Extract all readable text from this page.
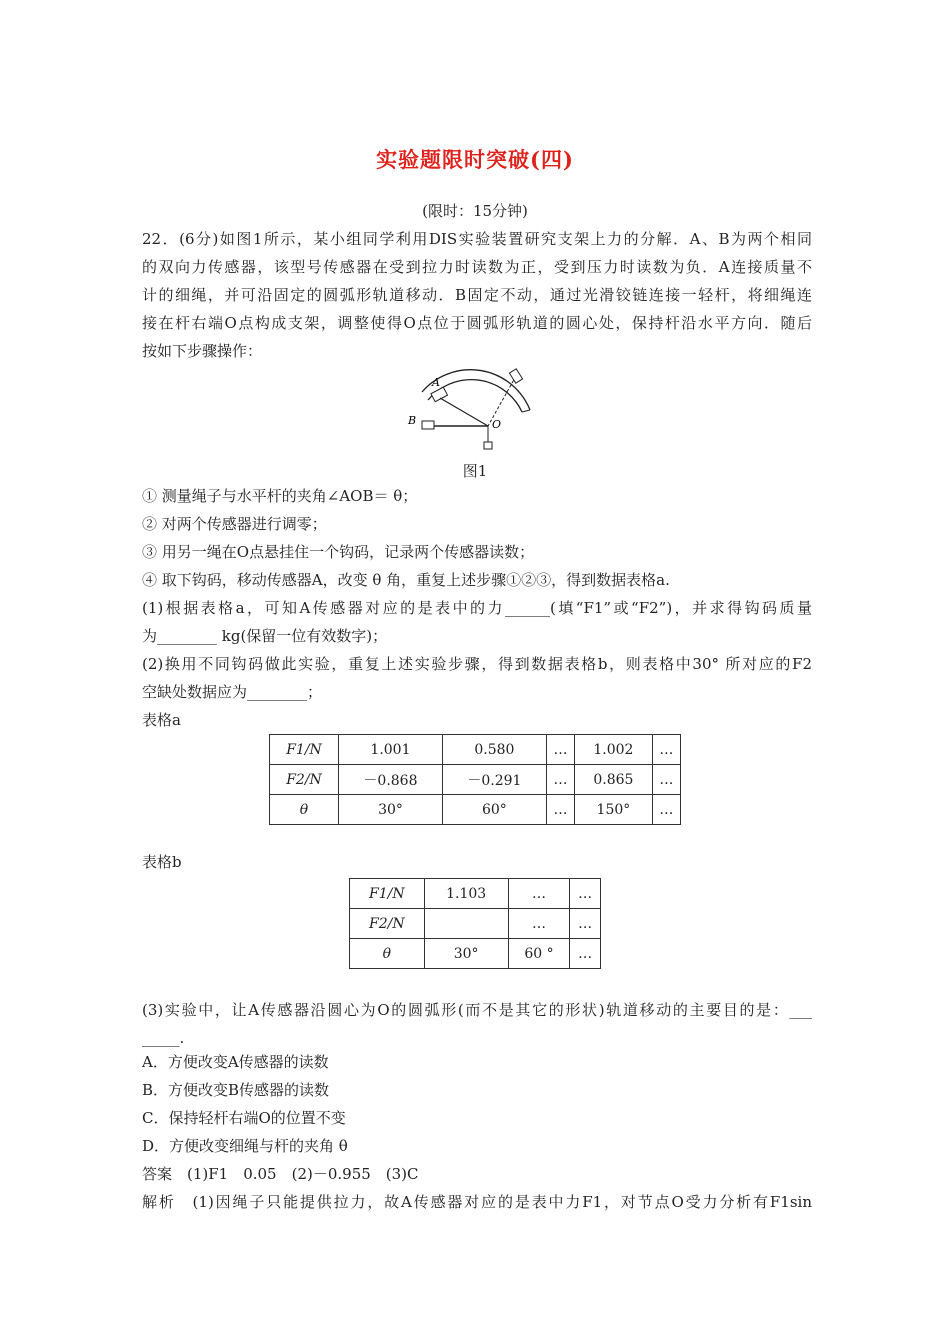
实验题限时突破(四)
(限时：15分钟)
22．(6分)如图1所示，某小组同学利用DIS实验装置研究支架上力的分解．A、B为两个相同
的双向力传感器，该型号传感器在受到拉力时读数为正，受到压力时读数为负．A连接质量不
计的细绳，并可沿固定的圆弧形轨道移动．B固定不动，通过光滑铰链连接一轻杆，将细绳连
接在杆右端O点构成支架，调整使得O点位于圆弧形轨道的圆心处，保持杆沿水平方向．随后
按如下步骤操作：
A
B	O
图1
① 测量绳子与水平杆的夹角∠AOB＝ θ；
② 对两个传感器进行调零；
③ 用另一绳在O点悬挂住一个钩码，记录两个传感器读数；
④ 取下钩码，移动传感器A，改变 θ 角，重复上述步骤①②③，得到数据表格a.
(1)根据表格a，可知A传感器对应的是表中的力______(填“F1”或“F2”)，并求得钩码质量
为________ kg(保留一位有效数字)；
(2)换用不同钩码做此实验，重复上述实验步骤，得到数据表格b，则表格中30° 所对应的F2
空缺处数据应为________；
表格a
F1/N	1.001	0.580	…	1.002	…
F2/N	－0.868	－0.291	…	0.865	…
θ	30°	60°	…	150°	…
表格b
F1/N	1.103	…	…
F2/N		…	…
θ	30°	60 °	…
(3)实验中，让A传感器沿圆心为O的圆弧形(而不是其它的形状)轨道移动的主要目的是：___
_____.
A．方便改变A传感器的读数
B．方便改变B传感器的读数
C．保持轻杆右端O的位置不变
D．方便改变细绳与杆的夹角 θ
答案　(1)F1　0.05　(2)－0.955　(3)C
解析　(1)因绳子只能提供拉力，故A传感器对应的是表中力F1，对节点O受力分析有F1sin
